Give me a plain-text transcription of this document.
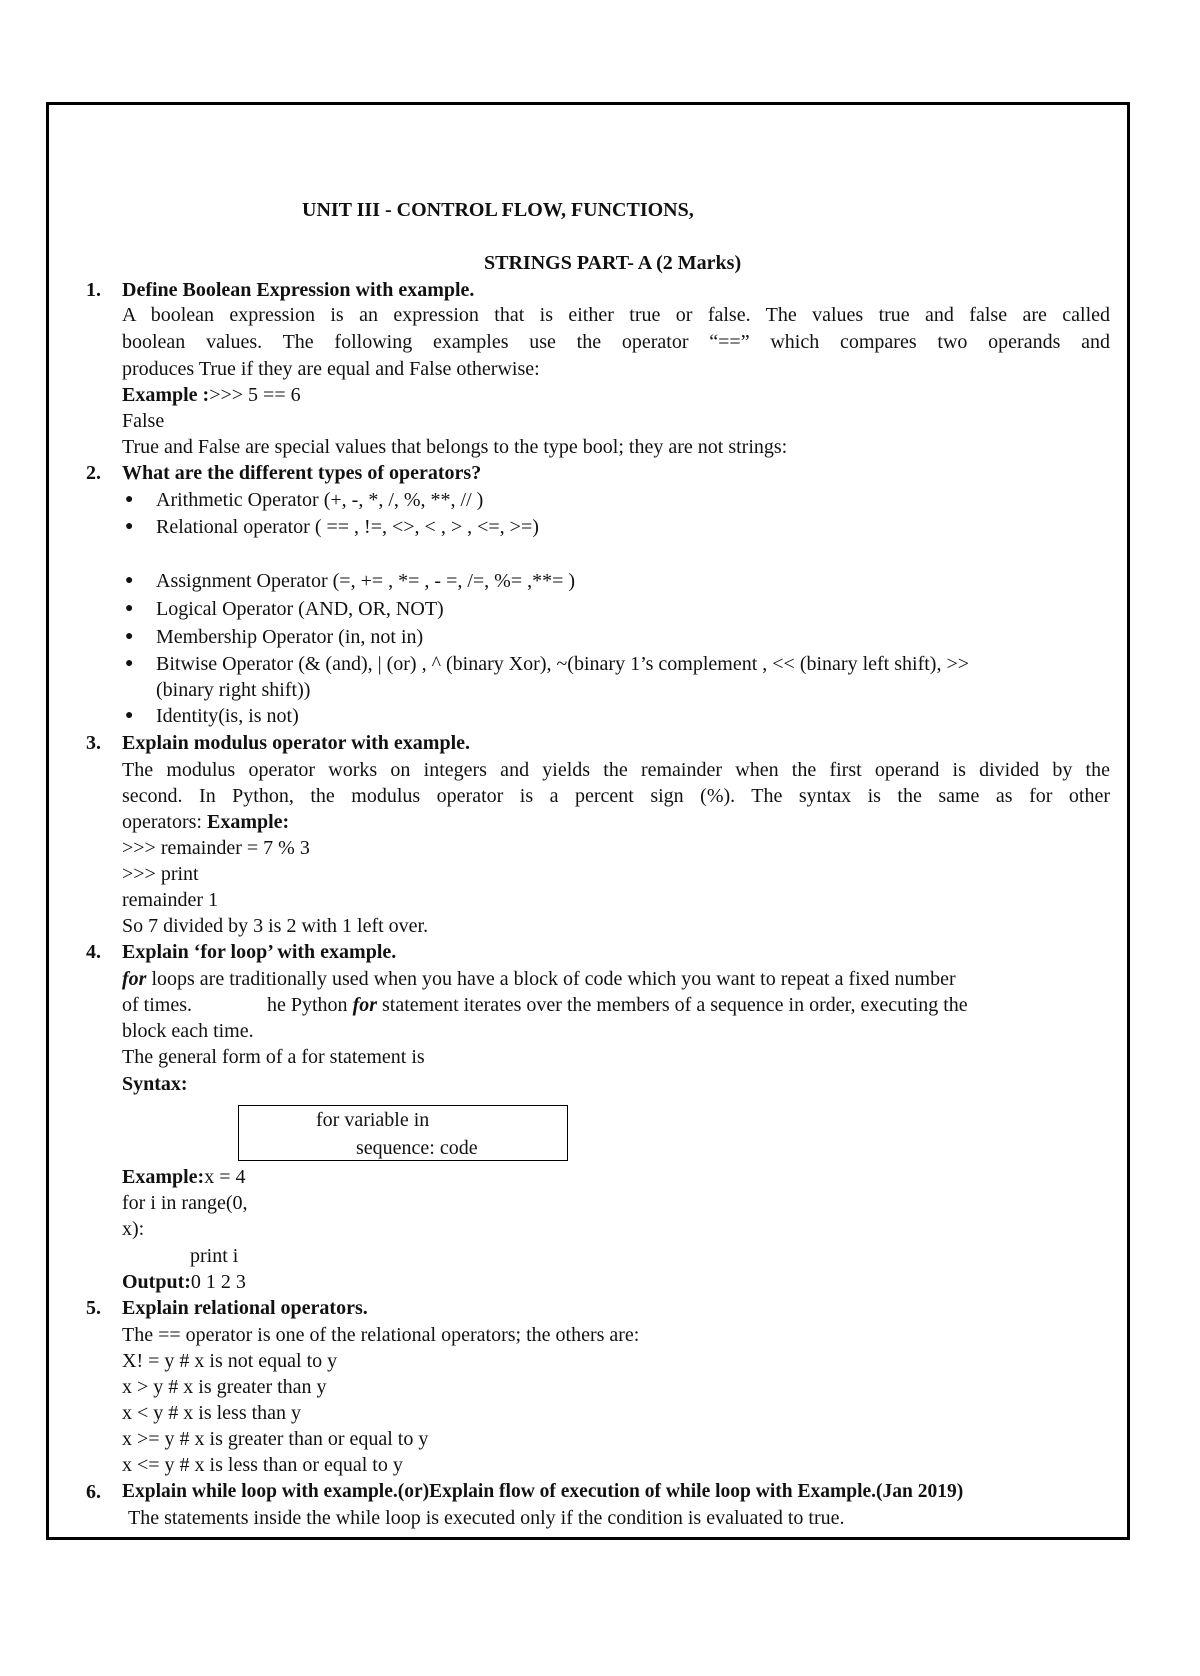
UNIT III - CONTROL FLOW, FUNCTIONS,
STRINGS PART- A (2 Marks)
1. Define Boolean Expression with example.
A boolean expression is an expression that is either true or false. The values true and false are called
boolean values. The following examples use the operator “==” which compares two operands and
produces True if they are equal and False otherwise:
Example :>>> 5 == 6
False
True and False are special values that belongs to the type bool; they are not strings:
2. What are the different types of operators?
● Arithmetic Operator (+, -, *, /, %, **, // )
● Relational operator ( == , !=, <>, < , > , <=, >=)
● Assignment Operator (=, += , *= , - =, /=, %= ,**= )
● Logical Operator (AND, OR, NOT)
● Membership Operator (in, not in)
● Bitwise Operator (& (and), | (or) , ^ (binary Xor), ~(binary 1’s complement , << (binary left shift), >>
(binary right shift))
● Identity(is, is not)
3. Explain modulus operator with example.
The modulus operator works on integers and yields the remainder when the first operand is divided by the
second. In Python, the modulus operator is a percent sign (%). The syntax is the same as for other
operators: Example:
>>> remainder = 7 % 3
>>> print
remainder 1
So 7 divided by 3 is 2 with 1 left over.
4. Explain ‘for loop’ with example.
for loops are traditionally used when you have a block of code which you want to repeat a fixed number
of times.	he Python for statement iterates over the members of a sequence in order, executing the
block each time.
The general form of a for statement is
Syntax:
for variable in
sequence: code
Example:x = 4
for i in range(0,
x):
print i
Output:0 1 2 3
5. Explain relational operators.
The == operator is one of the relational operators; the others are:
X! = y # x is not equal to y
x > y # x is greater than y
x < y # x is less than y
x >= y # x is greater than or equal to y
x <= y # x is less than or equal to y
6. Explain while loop with example.(or)Explain flow of execution of while loop with Example.(Jan 2019)
The statements inside the while loop is executed only if the condition is evaluated to true.
